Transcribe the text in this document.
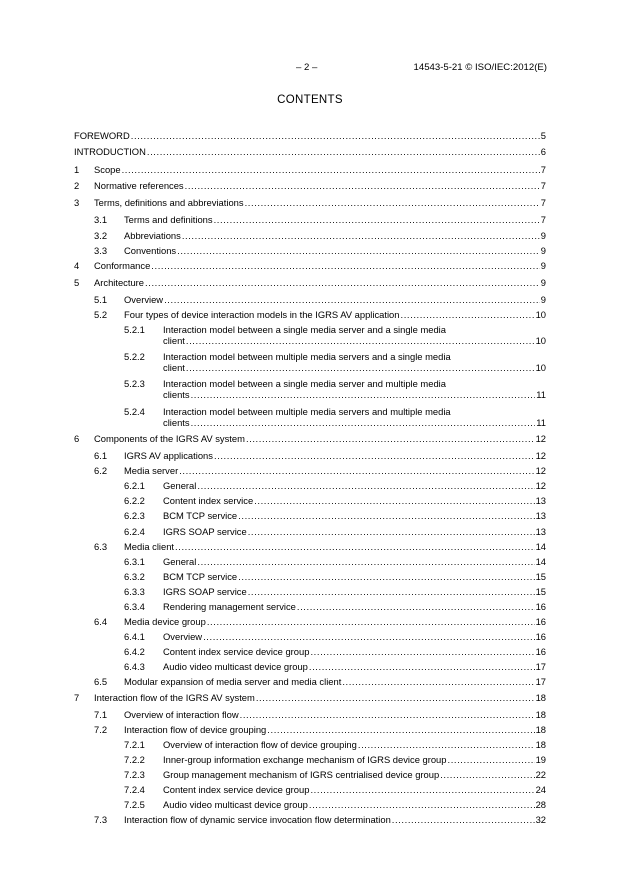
– 2 –	14543-5-21 © ISO/IEC:2012(E)
CONTENTS
FOREWORD .....	5
INTRODUCTION .....	6
1 Scope .....	7
2 Normative references .....	7
3 Terms, definitions and abbreviations .....	7
3.1 Terms and definitions .....	7
3.2 Abbreviations .....	9
3.3 Conventions .....	9
4 Conformance .....	9
5 Architecture .....	9
5.1 Overview .....	9
5.2 Four types of device interaction models in the IGRS AV application .....	10
5.2.1 Interaction model between a single media server and a single media
client .....	10
5.2.2 Interaction model between multiple media servers and a single media
client .....	10
5.2.3 Interaction model between a single media server and multiple media
clients .....	11
5.2.4 Interaction model between multiple media servers and multiple media
clients .....	11
6 Components of the IGRS AV system .....	12
6.1 IGRS AV applications .....	12
6.2 Media server .....	12
6.2.1 General .....	12
6.2.2 Content index service .....	13
6.2.3 BCM TCP service .....	13
6.2.4 IGRS SOAP service .....	13
6.3 Media client .....	14
6.3.1 General .....	14
6.3.2 BCM TCP service .....	15
6.3.3 IGRS SOAP service .....	15
6.3.4 Rendering management service .....	16
6.4 Media device group .....	16
6.4.1 Overview .....	16
6.4.2 Content index service device group .....	16
6.4.3 Audio video multicast device group .....	17
6.5 Modular expansion of media server and media client .....	17
7 Interaction flow of the IGRS AV system .....	18
7.1 Overview of interaction flow .....	18
7.2 Interaction flow of device grouping .....	18
7.2.1 Overview of interaction flow of device grouping .....	18
7.2.2 Inner-group information exchange mechanism of IGRS device group .....	19
7.2.3 Group management mechanism of IGRS centrialised device group .....	22
7.2.4 Content index service device group .....	24
7.2.5 Audio video multicast device group .....	28
7.3 Interaction flow of dynamic service invocation flow determination .....	32
